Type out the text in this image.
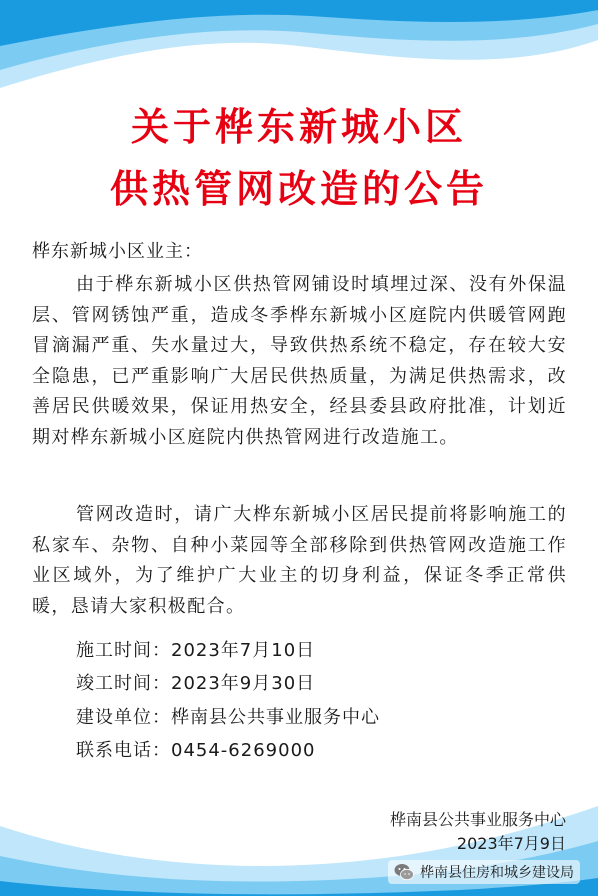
关于桦东新城小区
供热管网改造的公告
桦东新城小区业主：
由于桦东新城小区供热管网铺设时填埋过深、没有外保温层、管网锈蚀严重，造成冬季桦东新城小区庭院内供暖管网跑冒滴漏严重、失水量过大，导致供热系统不稳定，存在较大安全隐患，已严重影响广大居民供热质量，为满足供热需求，改善居民供暖效果，保证用热安全，经县委县政府批准，计划近期对桦东新城小区庭院内供热管网进行改造施工。
管网改造时，请广大桦东新城小区居民提前将影响施工的私家车、杂物、自种小菜园等全部移除到供热管网改造施工作业区域外，为了维护广大业主的切身利益，保证冬季正常供暖，恳请大家积极配合。
施工时间：2023年7月10日
竣工时间：2023年9月30日
建设单位：桦南县公共事业服务中心
联系电话：0454-6269000
桦南县公共事业服务中心
2023年7月9日
桦南县住房和城乡建设局
